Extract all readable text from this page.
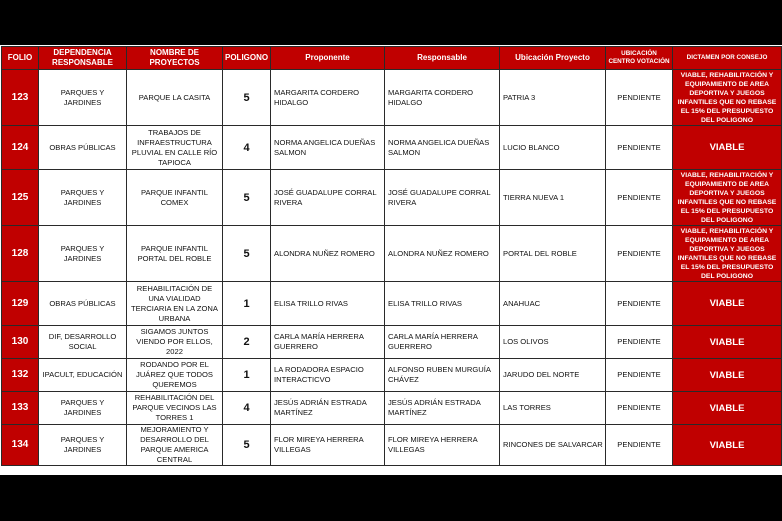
FOLIO	DEPENDENCIA RESPONSABLE	NOMBRE DE PROYECTOS	POLIGONO	Proponente	Responsable	Ubicación Proyecto	UBICACIÓN CENTRO VOTACIÓN	DICTAMEN POR CONSEJO
123	PARQUES Y JARDINES	PARQUE LA CASITA	5	MARGARITA CORDERO HIDALGO	MARGARITA CORDERO HIDALGO	PATRIA 3	PENDIENTE	VIABLE, REHABILITACIÓN Y EQUIPAMIENTO DE AREA DEPORTIVA Y JUEGOS INFANTILES QUE NO REBASE EL 15% DEL PRESUPUESTO DEL POLIGONO
124	OBRAS PÚBLICAS	TRABAJOS DE INFRAESTRUCTURA PLUVIAL EN CALLE RÍO TAPIOCA	4	NORMA ANGELICA DUEÑAS SALMON	NORMA ANGELICA DUEÑAS SALMON	LUCIO BLANCO	PENDIENTE	VIABLE
125	PARQUES Y JARDINES	PARQUE INFANTIL COMEX	5	JOSÉ GUADALUPE CORRAL RIVERA	JOSÉ GUADALUPE CORRAL RIVERA	TIERRA NUEVA 1	PENDIENTE	VIABLE, REHABILITACIÓN Y EQUIPAMIENTO DE AREA DEPORTIVA Y JUEGOS INFANTILES QUE NO REBASE EL 15% DEL PRESUPUESTO DEL POLIGONO
128	PARQUES Y JARDINES	PARQUE INFANTIL PORTAL DEL ROBLE	5	ALONDRA NUÑEZ ROMERO	ALONDRA NUÑEZ ROMERO	PORTAL DEL ROBLE	PENDIENTE	VIABLE, REHABILITACIÓN Y EQUIPAMIENTO DE AREA DEPORTIVA Y JUEGOS INFANTILES QUE NO REBASE EL 15% DEL PRESUPUESTO DEL POLIGONO
129	OBRAS PÚBLICAS	REHABILITACIÓN DE UNA VIALIDAD TERCIARIA EN LA ZONA URBANA	1	ELISA TRILLO RIVAS	ELISA TRILLO RIVAS	ANAHUAC	PENDIENTE	VIABLE
130	DIF, DESARROLLO SOCIAL	SIGAMOS JUNTOS VIENDO POR ELLOS, 2022	2	CARLA MARÍA HERRERA GUERRERO	CARLA MARÍA HERRERA GUERRERO	LOS OLIVOS	PENDIENTE	VIABLE
132	IPACULT, EDUCACIÓN	RODANDO POR EL JUÁREZ QUE TODOS QUEREMOS	1	LA RODADORA ESPACIO INTERACTICVO	ALFONSO RUBEN MURGUÍA CHÁVEZ	JARUDO DEL NORTE	PENDIENTE	VIABLE
133	PARQUES Y JARDINES	REHABILITACIÓN DEL PARQUE VECINOS LAS TORRES 1	4	JESÚS ADRIÁN ESTRADA MARTÍNEZ	JESÚS ADRIÁN ESTRADA MARTÍNEZ	LAS TORRES	PENDIENTE	VIABLE
134	PARQUES Y JARDINES	MEJORAMIENTO Y DESARROLLO DEL PARQUE AMERICA CENTRAL	5	FLOR MIREYA HERRERA VILLEGAS	FLOR MIREYA HERRERA VILLEGAS	RINCONES DE SALVARCAR	PENDIENTE	VIABLE
